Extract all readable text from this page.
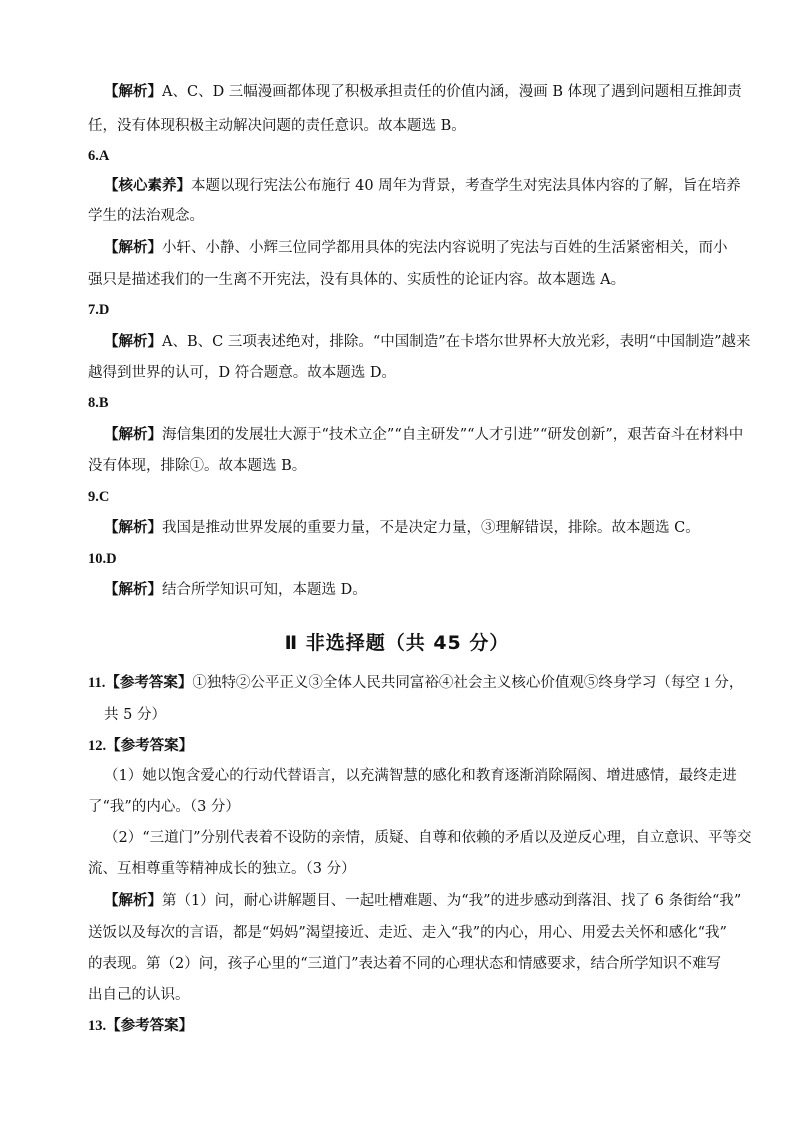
【解析】A、C、D 三幅漫画都体现了积极承担责任的价值内涵，漫画 B 体现了遇到问题相互推卸责
任，没有体现积极主动解决问题的责任意识。故本题选 B。
6.A
【核心素养】本题以现行宪法公布施行 40 周年为背景，考查学生对宪法具体内容的了解，旨在培养
学生的法治观念。
【解析】小轩、小静、小辉三位同学都用具体的宪法内容说明了宪法与百姓的生活紧密相关，而小
强只是描述我们的一生离不开宪法，没有具体的、实质性的论证内容。故本题选 A。
7.D
【解析】A、B、C 三项表述绝对，排除。“中国制造”在卡塔尔世界杯大放光彩，表明“中国制造”越来
越得到世界的认可，D 符合题意。故本题选 D。
8.B
【解析】海信集团的发展壮大源于“技术立企”“自主研发”“人才引进”“研发创新”，艰苦奋斗在材料中
没有体现，排除①。故本题选 B。
9.C
【解析】我国是推动世界发展的重要力量，不是决定力量，③理解错误，排除。故本题选 C。
10.D
【解析】结合所学知识可知，本题选 D。
Ⅱ 非选择题（共 45 分）
11.【参考答案】①独特②公平正义③全体人民共同富裕④社会主义核心价值观⑤终身学习（每空 1 分，
共 5 分）
12.【参考答案】
（1）她以饱含爱心的行动代替语言，以充满智慧的感化和教育逐渐消除隔阂、增进感情，最终走进
了“我”的内心。（3 分）
（2）“三道门”分别代表着不设防的亲情，质疑、自尊和依赖的矛盾以及逆反心理，自立意识、平等交
流、互相尊重等精神成长的独立。（3 分）
【解析】第（1）问，耐心讲解题目、一起吐槽难题、为“我”的进步感动到落泪、找了 6 条街给“我”
送饭以及每次的言语，都是“妈妈”渴望接近、走近、走入“我”的内心，用心、用爱去关怀和感化“我”
的表现。第（2）问，孩子心里的“三道门”表达着不同的心理状态和情感要求，结合所学知识不难写
出自己的认识。
13.【参考答案】
